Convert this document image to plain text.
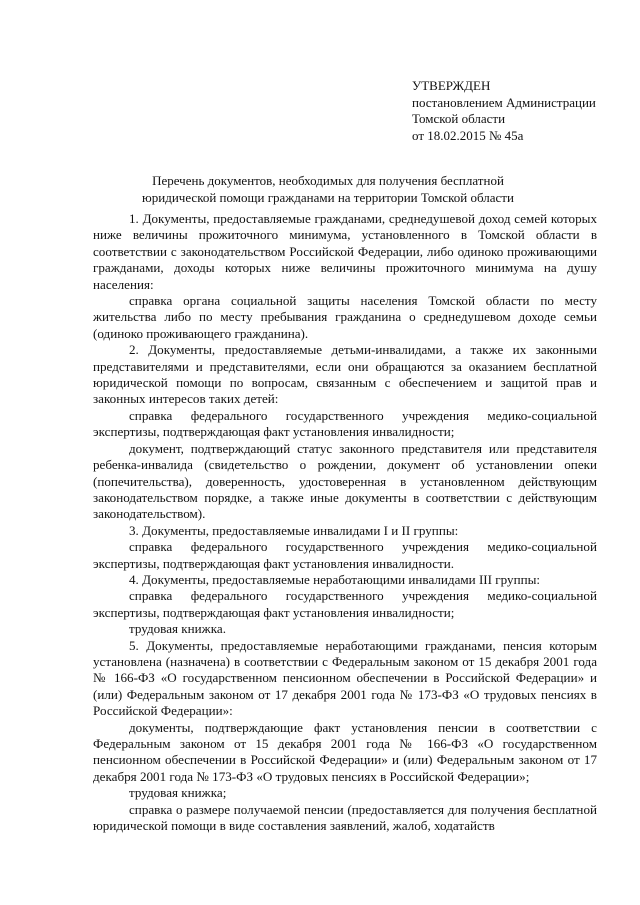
УТВЕРЖДЕН
постановлением Администрации
Томской области
от 18.02.2015 № 45а
Перечень документов, необходимых для получения бесплатной
юридической помощи гражданами на территории Томской области

1. Документы, предоставляемые гражданами, среднедушевой доход семей которых ниже величины прожиточного минимума, установленного в Томской области в соответствии с законодательством Российской Федерации, либо одиноко проживающими гражданами, доходы которых ниже величины прожиточного минимума на душу населения:

справка органа социальной защиты населения Томской области по месту жительства либо по месту пребывания гражданина о среднедушевом доходе семьи (одиноко проживающего гражданина).

2. Документы, предоставляемые детьми-инвалидами, а также их законными представителями и представителями, если они обращаются за оказанием бесплатной юридической помощи по вопросам, связанным с обеспечением и защитой прав и законных интересов таких детей:

справка федерального государственного учреждения медико-социальной экспертизы, подтверждающая факт установления инвалидности;

документ, подтверждающий статус законного представителя или представителя ребенка-инвалида (свидетельство о рождении, документ об установлении опеки (попечительства), доверенность, удостоверенная в установленном действующим законодательством порядке, а также иные документы в соответствии с действующим законодательством).

3. Документы, предоставляемые инвалидами I и II группы:

справка федерального государственного учреждения медико-социальной экспертизы, подтверждающая факт установления инвалидности.

4. Документы, предоставляемые неработающими инвалидами III группы:

справка федерального государственного учреждения медико-социальной экспертизы, подтверждающая факт установления инвалидности;

трудовая книжка.

5. Документы, предоставляемые неработающими гражданами, пенсия которым установлена (назначена) в соответствии с Федеральным законом от 15 декабря 2001 года № 166-ФЗ «О государственном пенсионном обеспечении в Российской Федерации» и (или) Федеральным законом от 17 декабря 2001 года № 173-ФЗ «О трудовых пенсиях в Российской Федерации»:

документы, подтверждающие факт установления пенсии в соответствии с Федеральным законом от 15 декабря 2001 года № 166-ФЗ «О государственном пенсионном обеспечении в Российской Федерации» и (или) Федеральным законом от 17 декабря 2001 года № 173-ФЗ «О трудовых пенсиях в Российской Федерации»;

трудовая книжка;

справка о размере получаемой пенсии (предоставляется для получения бесплатной юридической помощи в виде составления заявлений, жалоб, ходатайств
